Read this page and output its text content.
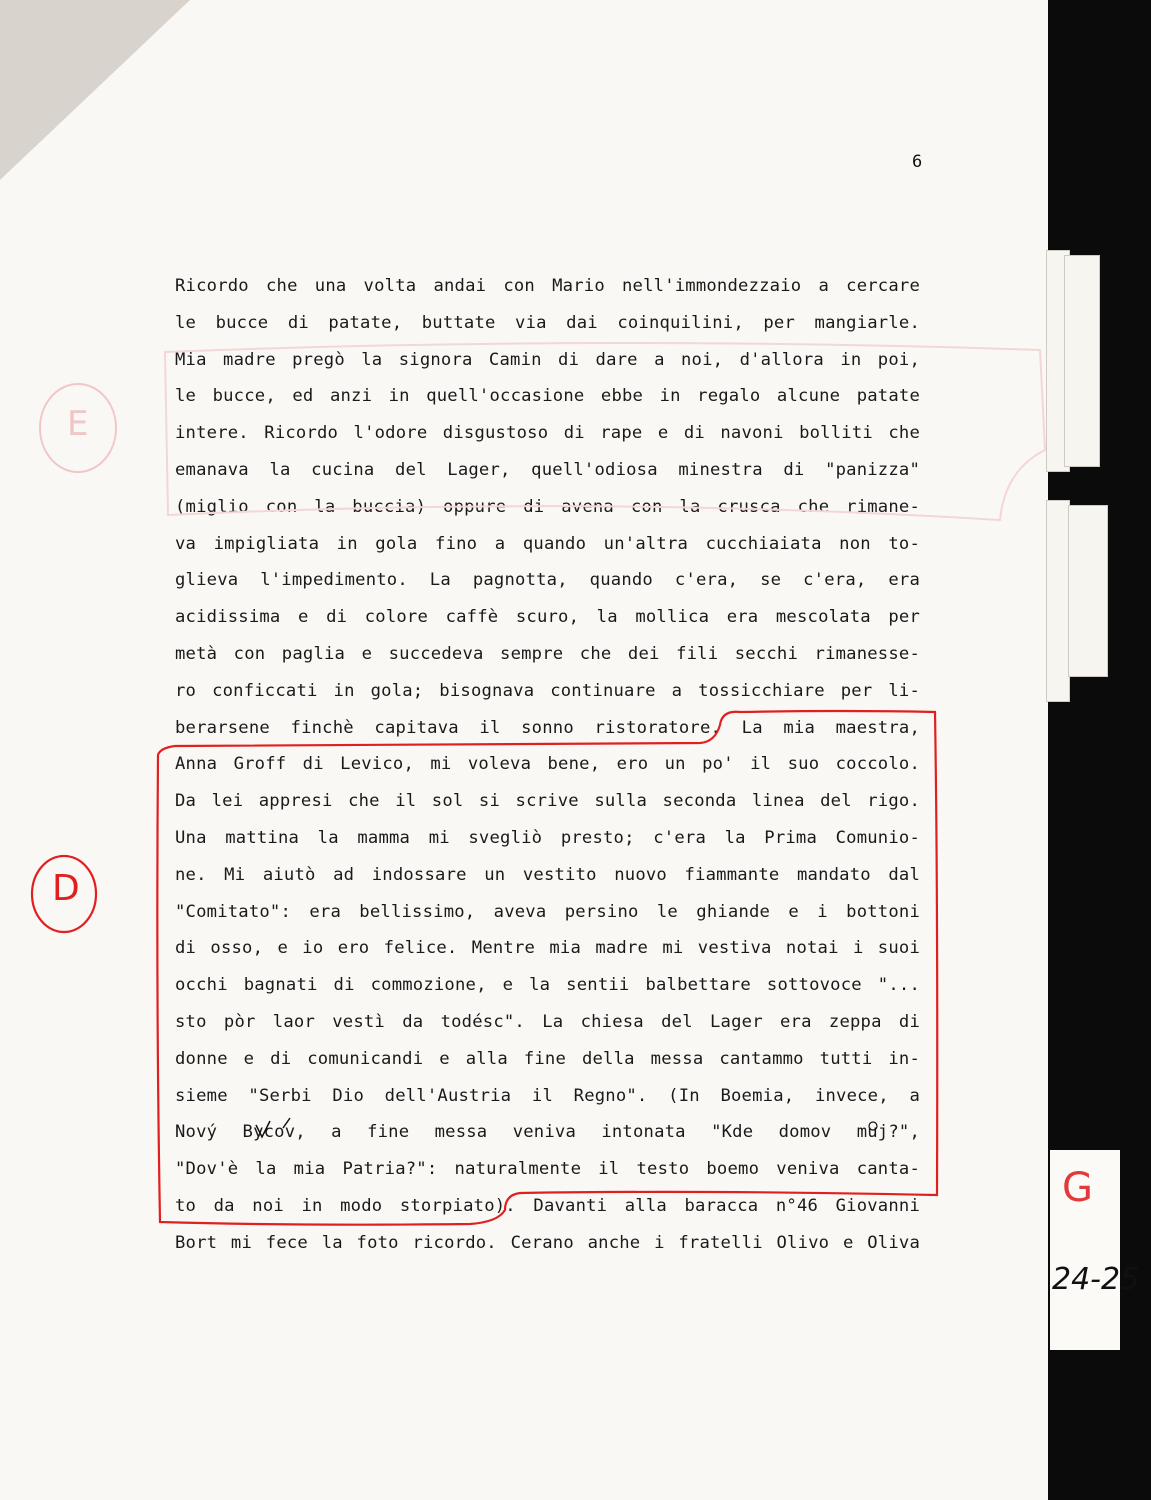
E
6
Ricordo che una volta andai con Mario nell'immondezzaio a cercare
le bucce di patate, buttate via dai coinquilini, per mangiarle.
Mia madre pregò la signora Camin di dare a noi, d'allora in poi,
le bucce, ed anzi in quell'occasione ebbe in regalo alcune patate
intere. Ricordo l'odore disgustoso di rape e di navoni bolliti che
emanava la cucina del Lager, quell'odiosa minestra di "panizza"
(miglio con la buccia) oppure di avena con la crusca che rimane-
va impigliata in gola fino a quando un'altra cucchiaiata non to-
glieva l'impedimento. La pagnotta, quando c'era, se c'era, era
acidissima e di colore caffè scuro, la mollica era mescolata per
metà con paglia e succedeva sempre che dei fili secchi rimanesse-
ro conficcati in gola; bisognava continuare a tossicchiare per li-
berarsene finchè capitava il sonno ristoratore. La mia maestra,
Anna Groff di Levico, mi voleva bene, ero un po' il suo coccolo.
Da lei appresi che il sol si scrive sulla seconda linea del rigo.
Una mattina la mamma mi svegliò presto; c'era la Prima Comunio-
ne. Mi aiutò ad indossare un vestito nuovo fiammante mandato dal
"Comitato": era bellissimo, aveva persino le ghiande e i bottoni
di osso, e io ero felice. Mentre mia madre mi vestiva notai i suoi
occhi bagnati di commozione, e la sentii balbettare sottovoce "...
sto pòr laor vestì da todésc". La chiesa del Lager era zeppa di
donne e di comunicandi e alla fine della messa cantammo tutti in-
sieme "Serbi Dio dell'Austria il Regno". (In Boemia, invece, a
Nový Bycov, a fine messa veniva intonata "Kde domov muj?",
"Dov'è la mia Patria?": naturalmente il testo boemo veniva canta-
to da noi in modo storpiato). Davanti alla baracca n°46 Giovanni
Bort mi fece la foto ricordo. Cerano anche i fratelli Olivo e Oliva
G
24-25
D
